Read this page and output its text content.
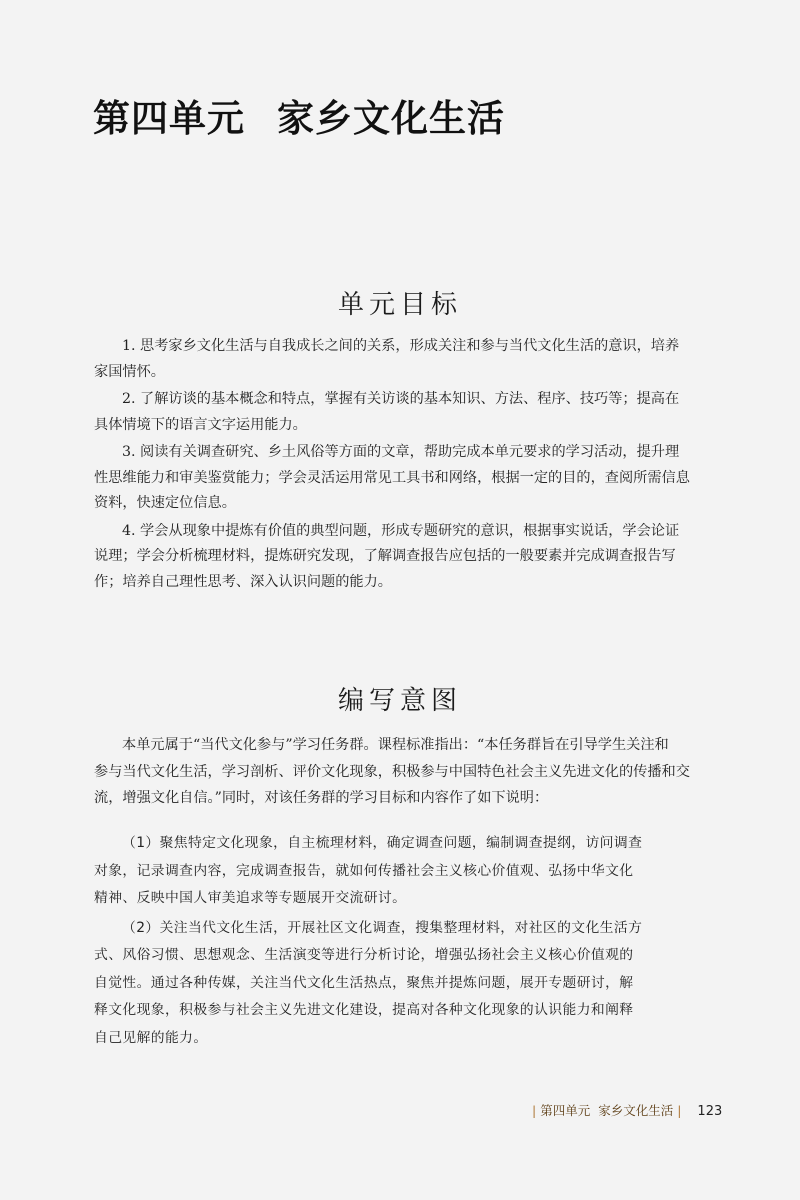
第四单元 家乡文化生活
单元目标

1. 思考家乡文化生活与自我成长之间的关系，形成关注和参与当代文化生活的意识，培养
家国情怀。

2. 了解访谈的基本概念和特点，掌握有关访谈的基本知识、方法、程序、技巧等；提高在
具体情境下的语言文字运用能力。

3. 阅读有关调查研究、乡土风俗等方面的文章，帮助完成本单元要求的学习活动，提升理
性思维能力和审美鉴赏能力；学会灵活运用常见工具书和网络，根据一定的目的，查阅所需信息
资料，快速定位信息。

4. 学会从现象中提炼有价值的典型问题，形成专题研究的意识，根据事实说话，学会论证
说理；学会分析梳理材料，提炼研究发现，了解调查报告应包括的一般要素并完成调查报告写
作；培养自己理性思考、深入认识问题的能力。

编写意图
本单元属于“当代文化参与”学习任务群。课程标准指出：“本任务群旨在引导学生关注和
参与当代文化生活，学习剖析、评价文化现象，积极参与中国特色社会主义先进文化的传播和交
流，增强文化自信。”同时，对该任务群的学习目标和内容作了如下说明：

（1）聚焦特定文化现象，自主梳理材料，确定调查问题，编制调查提纲，访问调查
对象，记录调查内容，完成调查报告，就如何传播社会主义核心价值观、弘扬中华文化
精神、反映中国人审美追求等专题展开交流研讨。

（2）关注当代文化生活，开展社区文化调查，搜集整理材料，对社区的文化生活方
式、风俗习惯、思想观念、生活演变等进行分析讨论，增强弘扬社会主义核心价值观的
自觉性。通过各种传媒，关注当代文化生活热点，聚焦并提炼问题，展开专题研讨，解
释文化现象，积极参与社会主义先进文化建设，提高对各种文化现象的认识能力和阐释
自己见解的能力。

| 第四单元 家乡文化生活 | 123
